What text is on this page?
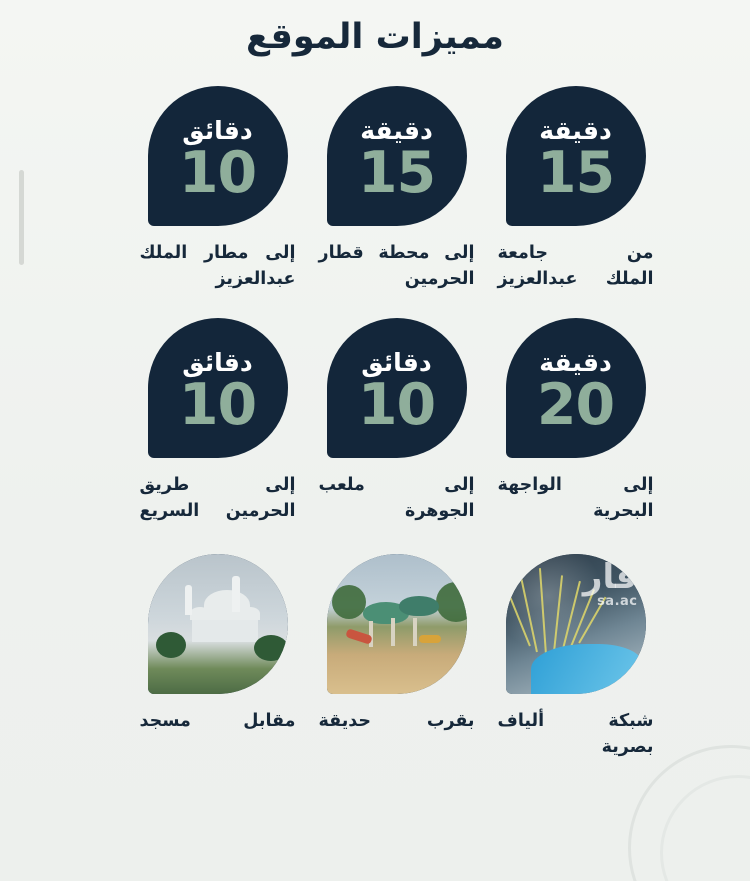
مميزات الموقع
دقيقة
15
من جامعة
الملك عبدالعزيز
دقيقة
15
إلى محطة قطار
الحرمين
دقائق
10
إلى مطار الملك
عبدالعزيز
دقيقة
20
إلى الواجهة
البحرية
دقائق
10
إلى ملعب
الجوهرة
دقائق
10
إلى طريق
الحرمين السريع
قار
sa.ac
شبكة ألياف
بصرية
بقرب حديقة
مقابل مسجد
